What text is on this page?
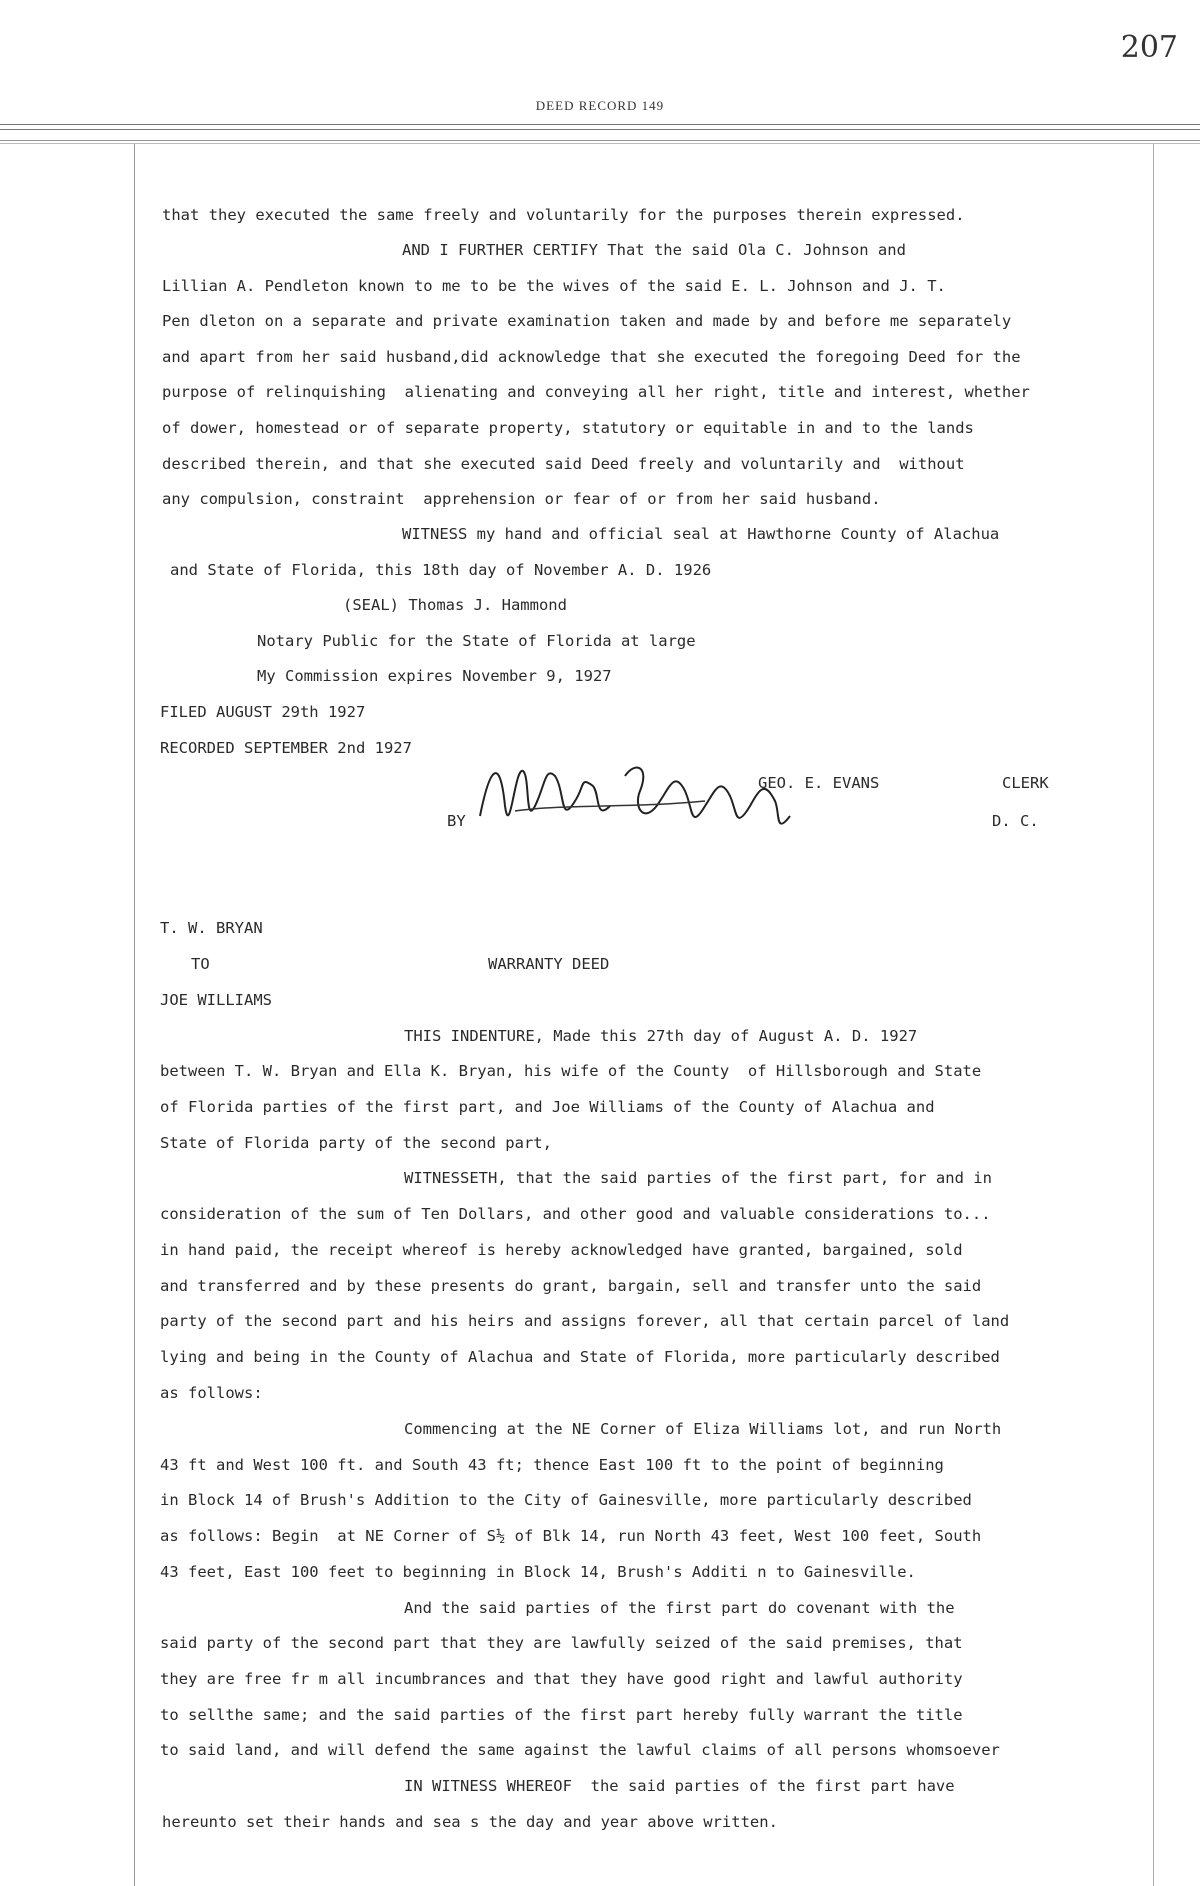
207
DEED RECORD 149
that they executed the same freely and voluntarily for the purposes therein expressed.
AND I FURTHER CERTIFY That the said Ola C. Johnson and
Lillian A. Pendleton known to me to be the wives of the said E. L. Johnson and J. T.
Pen dleton on a separate and private examination taken and made by and before me separately
and apart from her said husband,did acknowledge that she executed the foregoing Deed for the
purpose of relinquishing  alienating and conveying all her right, title and interest, whether
of dower, homestead or of separate property, statutory or equitable in and to the lands
described therein, and that she executed said Deed freely and voluntarily and  without
any compulsion, constraint  apprehension or fear of or from her said husband.
WITNESS my hand and official seal at Hawthorne County of Alachua
and State of Florida, this 18th day of November A. D. 1926
(SEAL) Thomas J. Hammond
Notary Public for the State of Florida at large
My Commission expires November 9, 1927
FILED AUGUST 29th 1927
RECORDED SEPTEMBER 2nd 1927
GEO. E. EVANS	CLERK
BY	D. C.
T. W. BRYAN
TO	WARRANTY DEED
JOE WILLIAMS
THIS INDENTURE, Made this 27th day of August A. D. 1927
between T. W. Bryan and Ella K. Bryan, his wife of the County  of Hillsborough and State
of Florida parties of the first part, and Joe Williams of the County of Alachua and
State of Florida party of the second part,
WITNESSETH, that the said parties of the first part, for and in
consideration of the sum of Ten Dollars, and other good and valuable considerations to...
in hand paid, the receipt whereof is hereby acknowledged have granted, bargained, sold
and transferred and by these presents do grant, bargain, sell and transfer unto the said
party of the second part and his heirs and assigns forever, all that certain parcel of land
lying and being in the County of Alachua and State of Florida, more particularly described
as follows:
Commencing at the NE Corner of Eliza Williams lot, and run North
43 ft and West 100 ft. and South 43 ft; thence East 100 ft to the point of beginning
in Block 14 of Brush's Addition to the City of Gainesville, more particularly described
as follows: Begin  at NE Corner of S½ of Blk 14, run North 43 feet, West 100 feet, South
43 feet, East 100 feet to beginning in Block 14, Brush's Additi n to Gainesville.
And the said parties of the first part do covenant with the
said party of the second part that they are lawfully seized of the said premises, that
they are free fr m all incumbrances and that they have good right and lawful authority
to sellthe same; and the said parties of the first part hereby fully warrant the title
to said land, and will defend the same against the lawful claims of all persons whomsoever
IN WITNESS WHEREOF  the said parties of the first part have
hereunto set their hands and sea s the day and year above written.
